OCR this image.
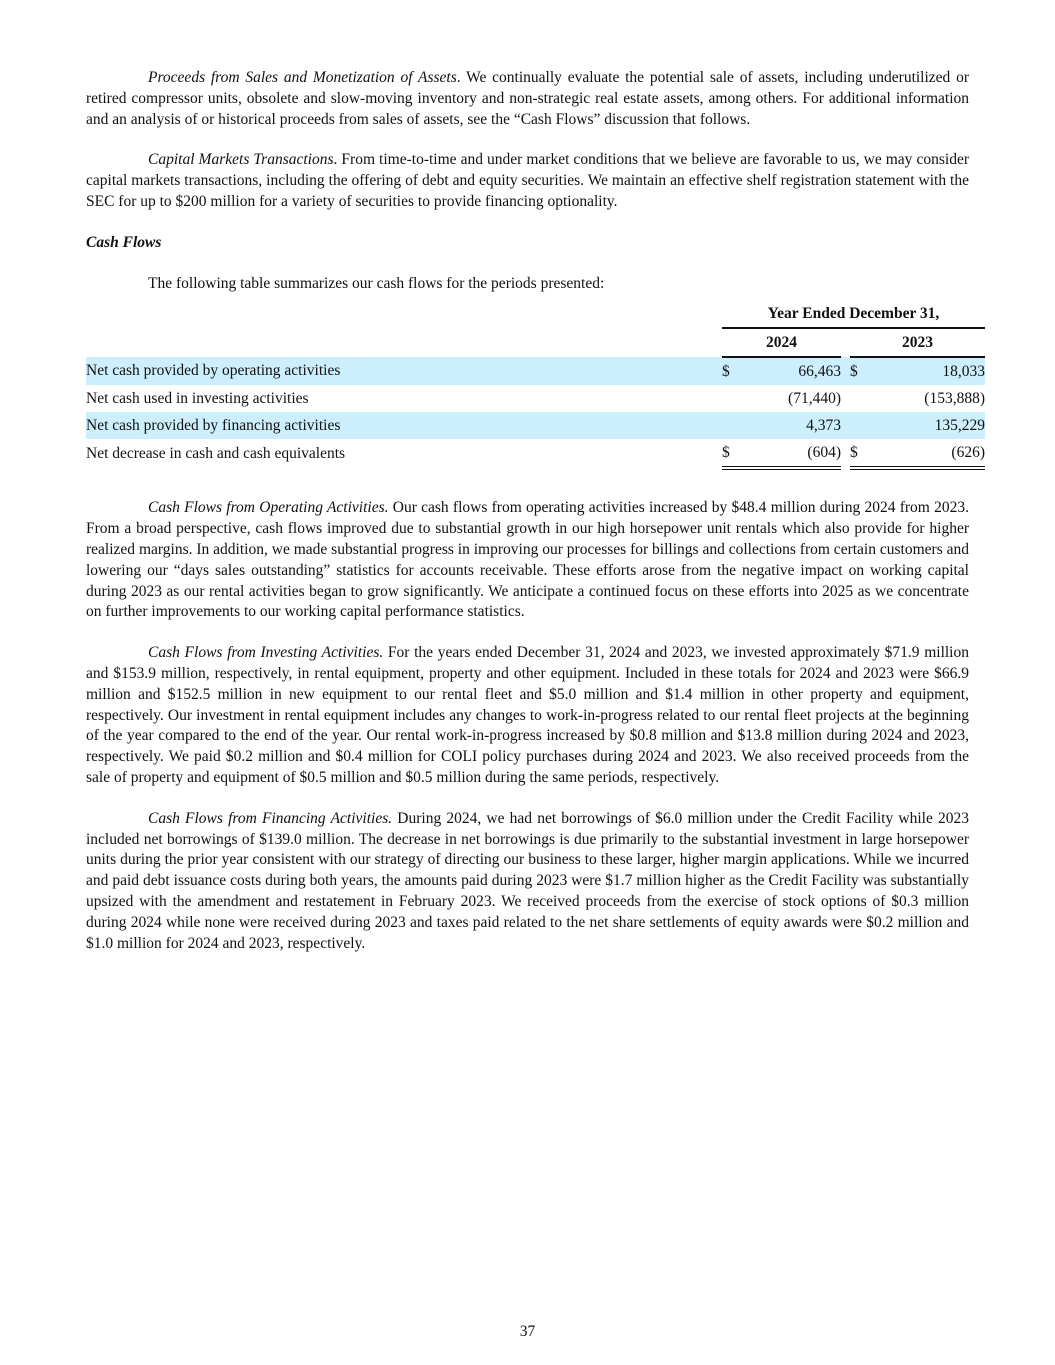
Proceeds from Sales and Monetization of Assets. We continually evaluate the potential sale of assets, including underutilized or retired compressor units, obsolete and slow-moving inventory and non-strategic real estate assets, among others. For additional information and an analysis of or historical proceeds from sales of assets, see the “Cash Flows” discussion that follows.

Capital Markets Transactions. From time-to-time and under market conditions that we believe are favorable to us, we may consider capital markets transactions, including the offering of debt and equity securities. We maintain an effective shelf registration statement with the SEC for up to $200 million for a variety of securities to provide financing optionality.

Cash Flows

The following table summarizes our cash flows for the periods presented:

	Year Ended December 31,				
	2024			2023	
Net cash provided by operating activities	$	66,463		$	18,033
Net cash used in investing activities		(71,440)			(153,888)
Net cash provided by financing activities		4,373			135,229
Net decrease in cash and cash equivalents	$	(604)		$	(626)

Cash Flows from Operating Activities. Our cash flows from operating activities increased by $48.4 million during 2024 from 2023. From a broad perspective, cash flows improved due to substantial growth in our high horsepower unit rentals which also provide for higher realized margins. In addition, we made substantial progress in improving our processes for billings and collections from certain customers and lowering our “days sales outstanding” statistics for accounts receivable. These efforts arose from the negative impact on working capital during 2023 as our rental activities began to grow significantly. We anticipate a continued focus on these efforts into 2025 as we concentrate on further improvements to our working capital performance statistics.

Cash Flows from Investing Activities. For the years ended December 31, 2024 and 2023, we invested approximately $71.9 million and $153.9 million, respectively, in rental equipment, property and other equipment. Included in these totals for 2024 and 2023 were $66.9 million and $152.5 million in new equipment to our rental fleet and $5.0 million and $1.4 million in other property and equipment, respectively. Our investment in rental equipment includes any changes to work-in-progress related to our rental fleet projects at the beginning of the year compared to the end of the year. Our rental work-in-progress increased by $0.8 million and $13.8 million during 2024 and 2023, respectively. We paid $0.2 million and $0.4 million for COLI policy purchases during 2024 and 2023. We also received proceeds from the sale of property and equipment of $0.5 million and $0.5 million during the same periods, respectively.

Cash Flows from Financing Activities. During 2024, we had net borrowings of $6.0 million under the Credit Facility while 2023 included net borrowings of $139.0 million. The decrease in net borrowings is due primarily to the substantial investment in large horsepower units during the prior year consistent with our strategy of directing our business to these larger, higher margin applications. While we incurred and paid debt issuance costs during both years, the amounts paid during 2023 were $1.7 million higher as the Credit Facility was substantially upsized with the amendment and restatement in February 2023. We received proceeds from the exercise of stock options of $0.3 million during 2024 while none were received during 2023 and taxes paid related to the net share settlements of equity awards were $0.2 million and $1.0 million for 2024 and 2023, respectively.

37
